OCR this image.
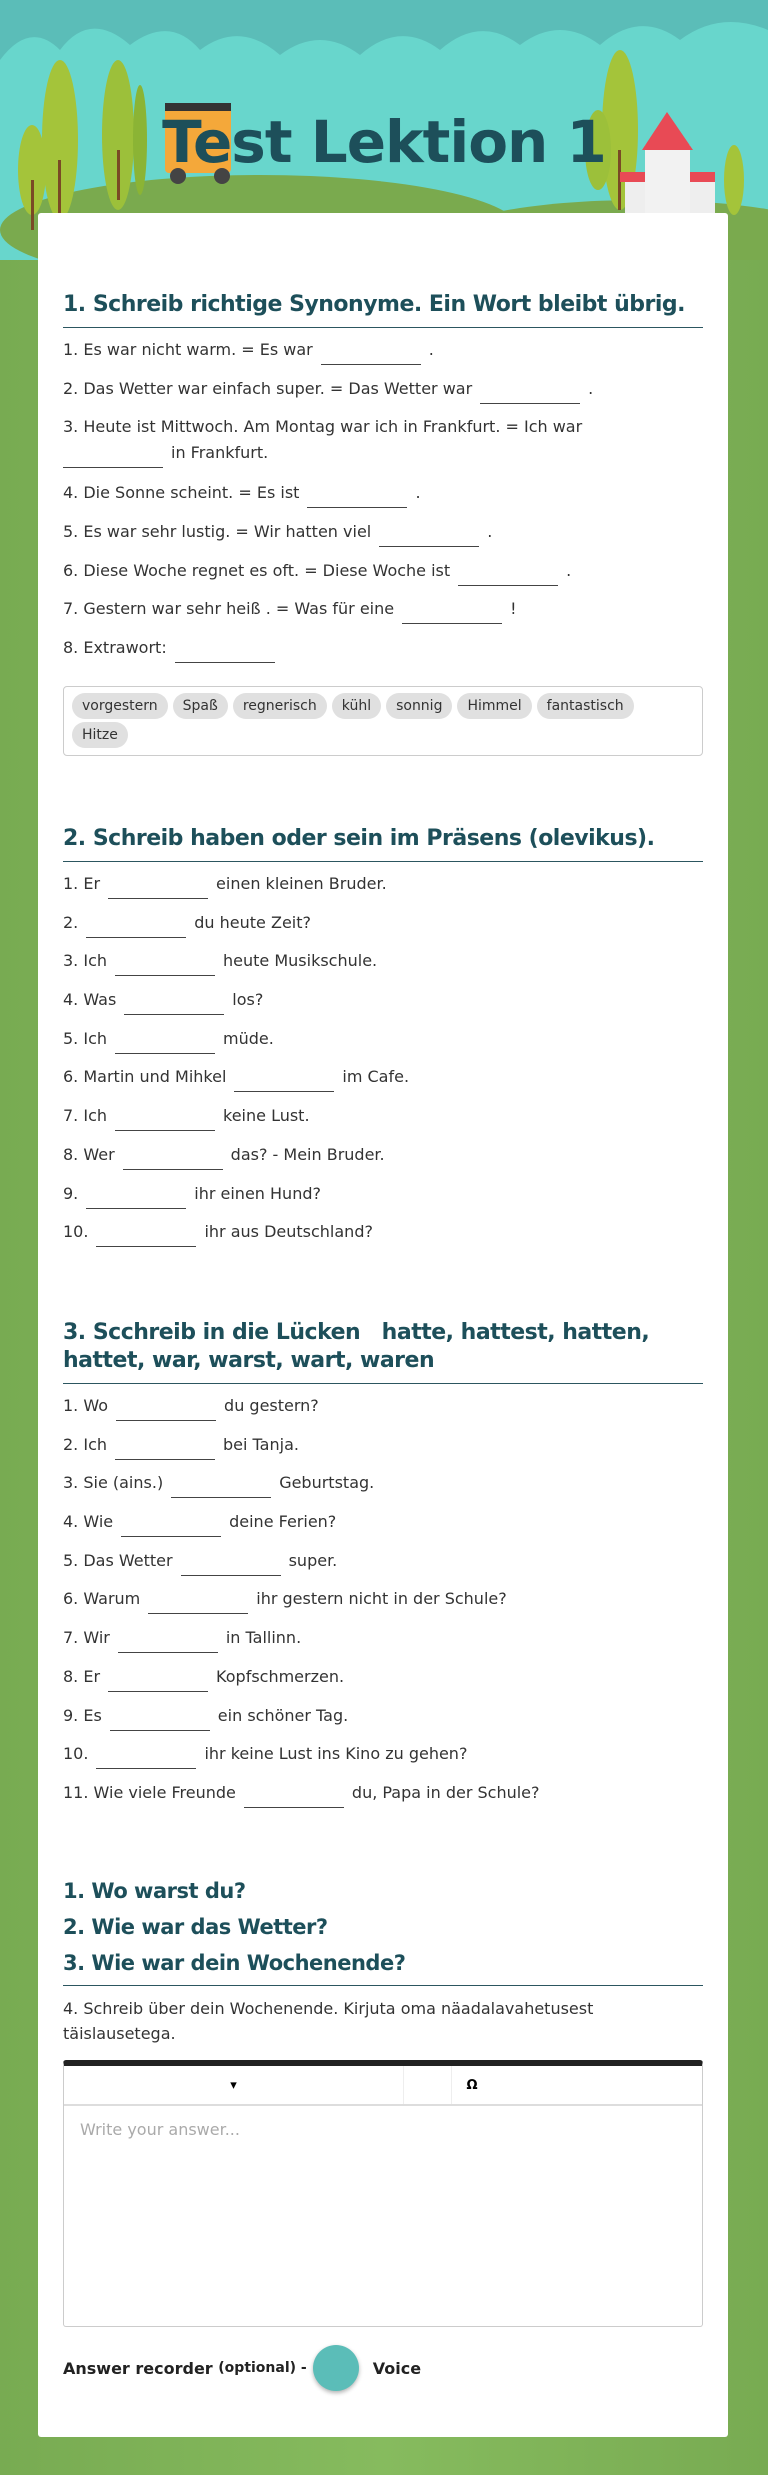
Test Lektion 1
1. Schreib richtige Synonyme. Ein Wort bleibt übrig.
1. Es war nicht warm. = Es war	.
2. Das Wetter war einfach super. = Das Wetter war	.
3. Heute ist Mittwoch. Am Montag war ich in Frankfurt. = Ich war
in Frankfurt.
4. Die Sonne scheint. = Es ist	.
5. Es war sehr lustig. = Wir hatten viel	.
6. Diese Woche regnet es oft. = Diese Woche ist	.
7. Gestern war sehr heiß . = Was für eine	!
8. Extrawort:
vorgestern Spaß regnerisch kühl sonnig Himmel fantastischHitze
2. Schreib haben oder sein im Präsens (olevikus).
1. Er	einen kleinen Bruder.
2.	du heute Zeit?
3. Ich	heute Musikschule.
4. Was	los?
5. Ich	müde.
6. Martin und Mihkel	im Cafe.
7. Ich	keine Lust.
8. Wer	das? - Mein Bruder.
9.	ihr einen Hund?
10.	ihr aus Deutschland?
3. Scchreib in die Lücken   hatte, hattest, hatten, hattet, war, warst, wart, waren
1. Wo	du gestern?
2. Ich	bei Tanja.
3. Sie (ains.)	Geburtstag.
4. Wie	deine Ferien?
5. Das Wetter	super.
6. Warum	ihr gestern nicht in der Schule?
7. Wir	in Tallinn.
8. Er	Kopfschmerzen.
9. Es	ein schöner Tag.
10.	ihr keine Lust ins Kino zu gehen?
11. Wie viele Freunde	du, Papa in der Schule?
1. Wo warst du?
2. Wie war das Wetter?
3. Wie war dein Wochenende?
4. Schreib über dein Wochenende. Kirjuta oma näadalavahetusest täislausetega.
▾	Ω
Write your answer...
Answer recorder
(optional) -	Voice
